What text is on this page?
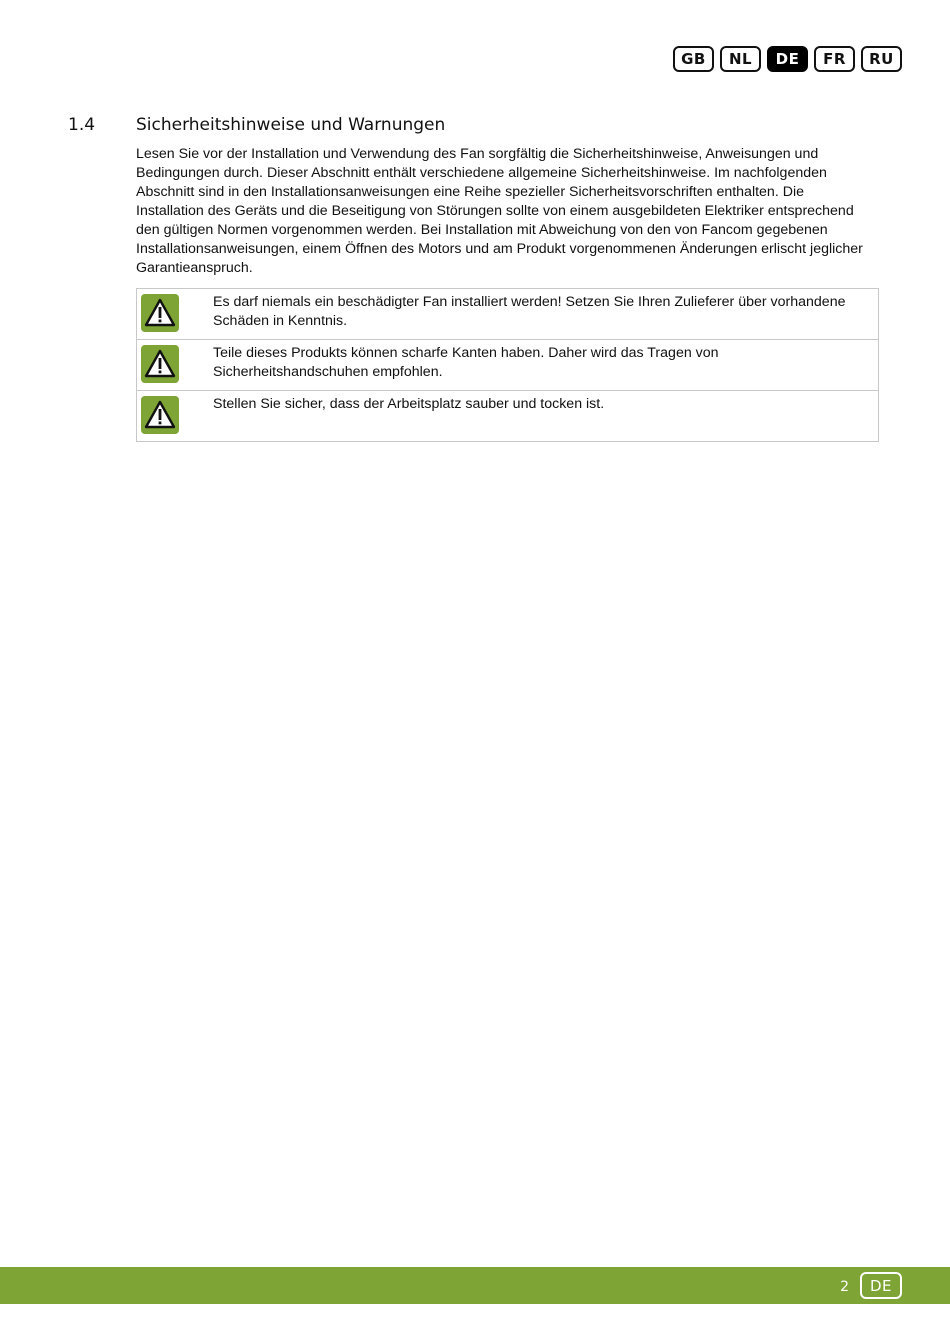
GB	NL	DE	FR	RU
1.4 Sicherheitshinweise und Warnungen

Lesen Sie vor der Installation und Verwendung des Fan sorgfältig die Sicherheitshinweise, Anweisungen und Bedingungen durch. Dieser Abschnitt enthält verschiedene allgemeine Sicherheitshinweise. Im nachfolgenden Abschnitt sind in den Installationsanweisungen eine Reihe spezieller Sicherheitsvorschriften enthalten. Die Installation des Geräts und die Beseitigung von Störungen sollte von einem ausgebildeten Elektriker entsprechend den gültigen Normen vorgenommen werden. Bei Installation mit Abweichung von den von Fancom gegebenen Installationsanweisungen, einem Öffnen des Motors und am Produkt vorgenommenen Änderungen erlischt jeglicher Garantieanspruch.

	Es darf niemals ein beschädigter Fan installiert werden! Setzen Sie Ihren Zulieferer über vorhandene Schäden in Kenntnis.

	Teile dieses Produkts können scharfe Kanten haben. Daher wird das Tragen von Sicherheitshandschuhen empfohlen.

	Stellen Sie sicher, dass der Arbeitsplatz sauber und tocken ist.
2	DE
